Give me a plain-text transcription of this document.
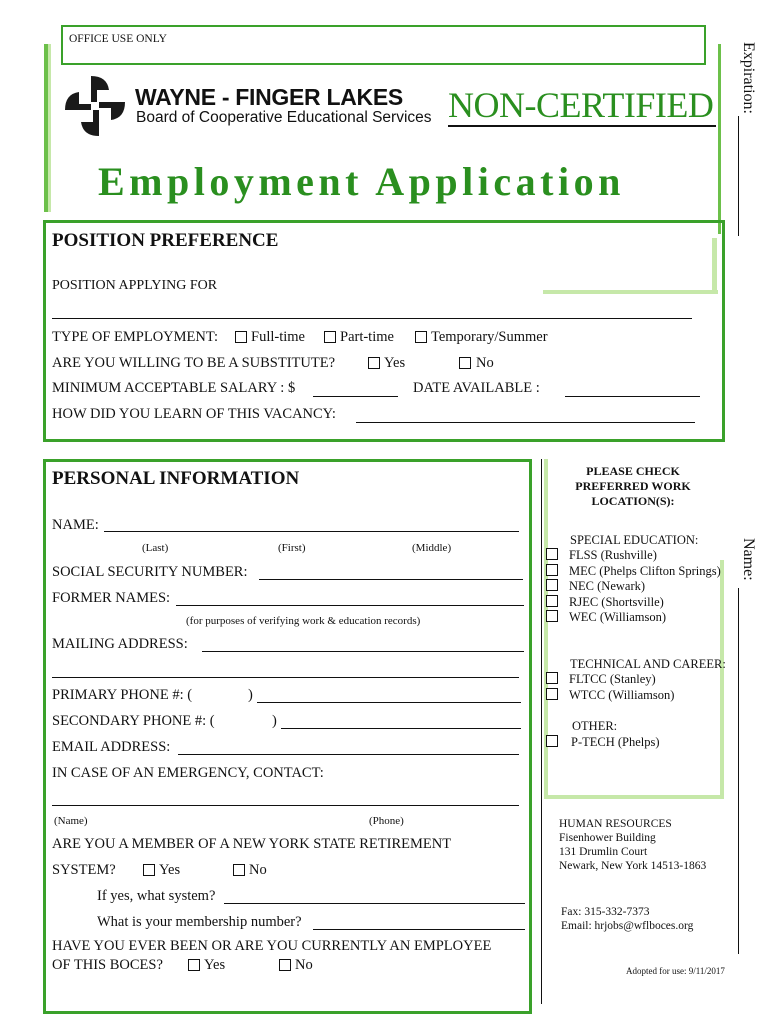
OFFICE USE ONLY
WAYNE - FINGER LAKES
Board of Cooperative Educational Services NON-CERTIFIED
Employment Application
Expiration:
Name:
POSITION PREFERENCE
POSITION APPLYING FOR
TYPE OF EMPLOYMENT: Full-time Part-time	Temporary/Summer
ARE YOU WILLING TO BE A SUBSTITUTE?	Yes	No
MINIMUM ACCEPTABLE SALARY : $	DATE AVAILABLE :
HOW DID YOU LEARN OF THIS VACANCY:
PERSONAL INFORMATION
NAME:
(Last)	(First)	(Middle)
SOCIAL SECURITY NUMBER:
FORMER NAMES:
(for purposes of verifying work & education records)
MAILING ADDRESS:
PRIMARY PHONE #: (	)
SECONDARY PHONE #: (	)
EMAIL ADDRESS:
IN CASE OF AN EMERGENCY, CONTACT:
(Name)	(Phone)
ARE YOU A MEMBER OF A NEW YORK STATE RETIREMENT
SYSTEM?	Yes	No
If yes, what system?
What is your membership number?
HAVE YOU EVER BEEN OR ARE YOU CURRENTLY AN EMPLOYEE
OF THIS BOCES?	Yes	No
PLEASE CHECK
PREFERRED WORK
LOCATION(S):
SPECIAL EDUCATION:
FLSS (Rushville)
MEC (Phelps Clifton Springs)
NEC (Newark)
RJEC (Shortsville)
WEC (Williamson)
TECHNICAL AND CAREER:
FLTCC (Stanley)
WTCC (Williamson)
OTHER:
P-TECH (Phelps)
HUMAN RESOURCES
Fisenhower Building
131 Drumlin Court
Newark, New York 14513-1863
Fax: 315-332-7373
Email: hrjobs@wflboces.org
Adopted for use: 9/11/2017
